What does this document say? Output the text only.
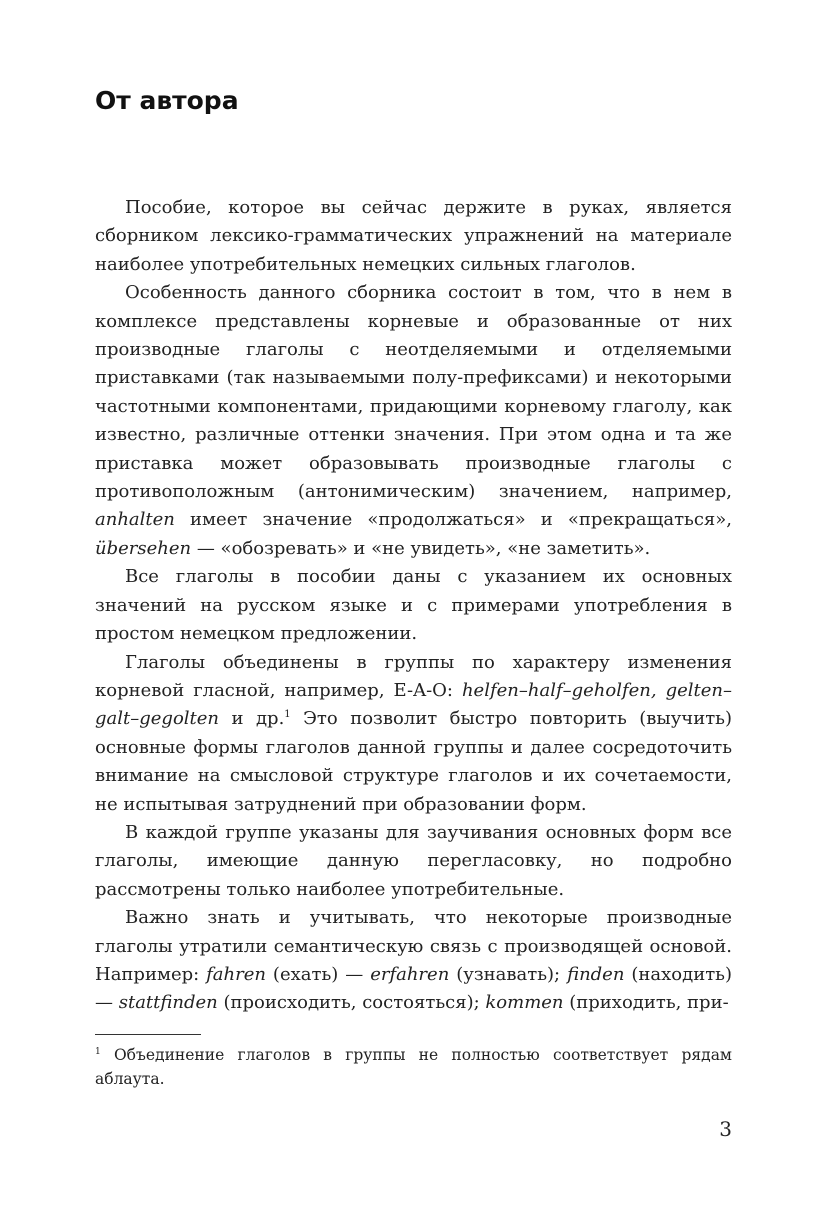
От автора

Пособие, которое вы сейчас держите в руках, является сборником лексико-грамматических упражнений на материале наиболее употребительных немецких сильных глаголов.

Особенность данного сборника состоит в том, что в нем в комплексе представлены корневые и образованные от них производные глаголы с неотделяемыми и отделяемыми приставками (так называемыми полу-префиксами) и некоторыми частотными компонентами, придающими корневому глаголу, как известно, различные оттенки значения. При этом одна и та же приставка может образовывать производные глаголы с противоположным (антонимическим) значением, например, anhalten имеет значение «продолжаться» и «прекращаться», übersehen — «обозревать» и «не увидеть», «не заметить».

Все глаголы в пособии даны с указанием их основных значений на русском языке и с примерами употребления в простом немецком предложении.

Глаголы объединены в группы по характеру изменения корневой гласной, например, E-A-O: helfen–half–geholfen, gelten–galt–gegolten и др.$^1$ Это позволит быстро повторить (выучить) основные формы глаголов данной группы и далее сосредоточить внимание на смысловой структуре глаголов и их сочетаемости, не испытывая затруднений при образовании форм.

В каждой группе указаны для заучивания основных форм все глаголы, имеющие данную перегласовку, но подробно рассмотрены только наиболее употребительные.

Важно знать и учитывать, что некоторые производные глаголы утратили семантическую связь с производящей основой. Например: fahren (ехать) — erfahren (узнавать); finden (находить) — stattfinden (происходить, состояться); kommen (приходить, при-

$^1$ Объединение глаголов в группы не полностью соответствует рядам аблаута.
3
